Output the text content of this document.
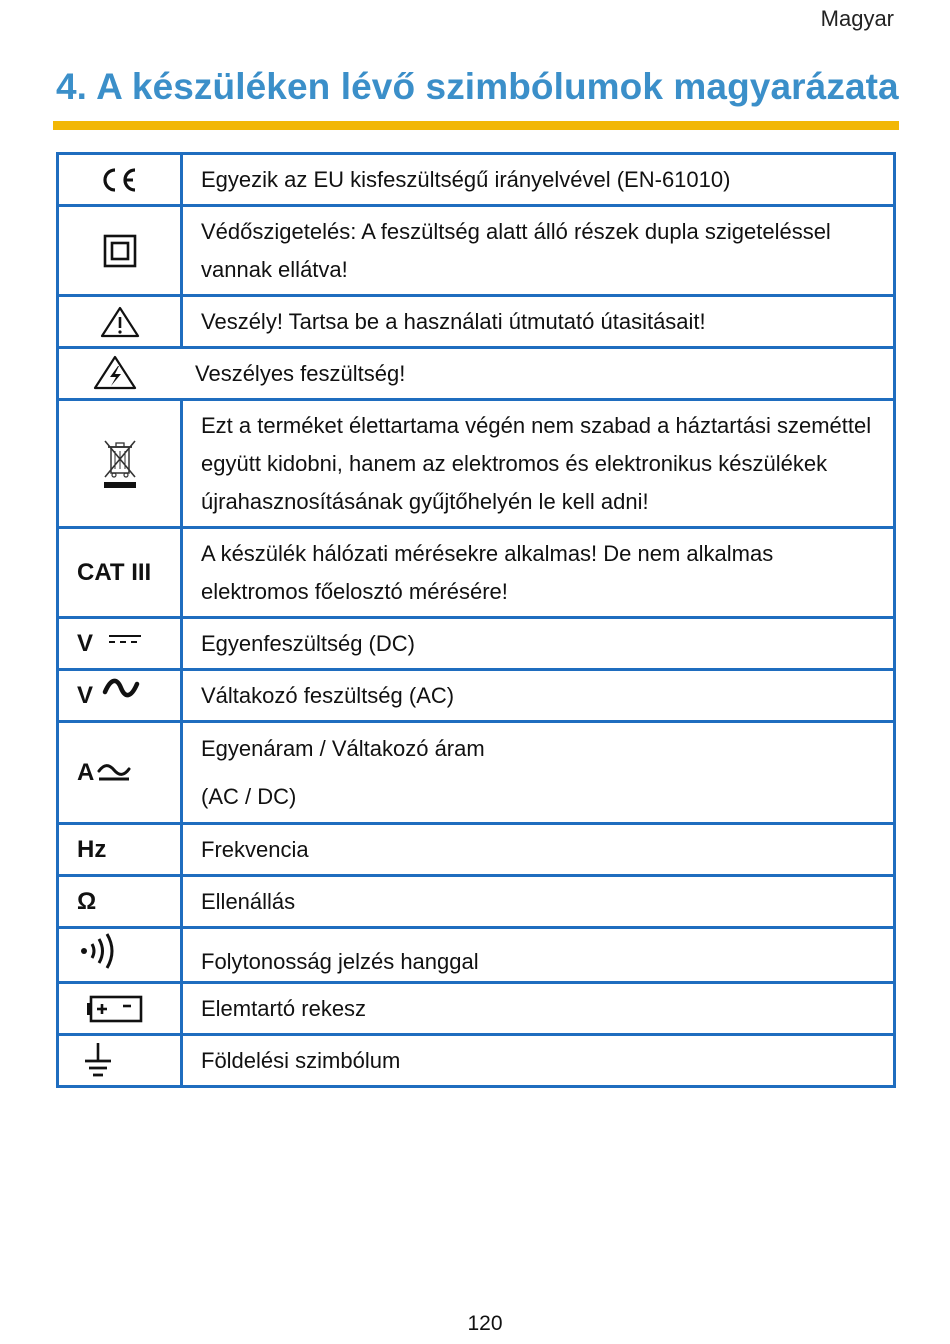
Magyar
4. A készüléken lévő szimbólumok magyarázata
	Egyezik az EU kisfeszültségű irányelvével (EN-61010)

	Védőszigetelés: A feszültség alatt álló részek dupla szigeteléssel vannak ellátva!

	Veszély! Tartsa be a használati útmutató útasitásait!

Veszélyes feszültség!	

	Ezt a terméket élettartama végén nem szabad a háztartási szeméttel együtt kidobni, hanem az elektromos és elektronikus készülékek újrahasznosításának gyűjtőhelyén le kell adni!

CAT III	A készülék hálózati mérésekre alkalmas! De nem alkalmas elektromos főelosztó mérésére!

V	Egyenfeszültség (DC)

V	Váltakozó feszültség (AC)

A	Egyenáram / Váltakozó áram
(AC / DC)

Hz	Frekvencia

Ω	Ellenállás

	Folytonosság jelzés hanggal

	Elemtartó rekesz

	Földelési szimbólum
120
